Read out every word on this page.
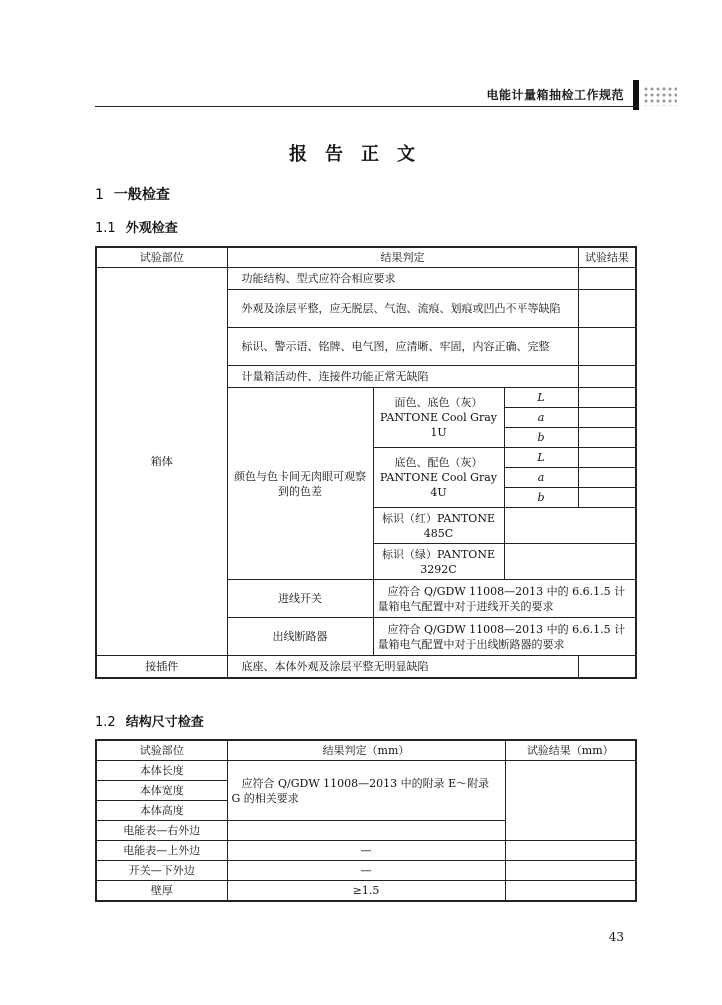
电能计量箱抽检工作规范
报告正文
1 一般检查
1.1 外观检查
试验部位	结果判定			试验结果	
箱体	功能结构、型式应符合相应要求				
	外观及涂层平整，应无脱层、气泡、流痕、划痕或凹凸不平等缺陷				
	标识、警示语、铭牌、电气图，应清晰、牢固，内容正确、完整				
	计量箱活动件、连接件功能正常无缺陷				
	颜色与色卡间无肉眼可观察到的色差	面色、底色（灰）PANTONE Cool Gray 1U	L		
			a		
			b		
		底色、配色（灰）PANTONE Cool Gray 4U	L		
			a		
			b		
		标识（红）PANTONE 485C			
		标识（绿）PANTONE 3292C			
	进线开关	应符合 Q/GDW 11008—2013 中的 6.6.1.5 计量箱电气配置中对于进线开关的要求			
	出线断路器	应符合 Q/GDW 11008—2013 中的 6.6.1.5 计量箱电气配置中对于出线断路器的要求			
接插件	底座、本体外观及涂层平整无明显缺陷				
1.2 结构尺寸检查
试验部位	结果判定（mm）	试验结果（mm）
本体长度	应符合 Q/GDW 11008—2013 中的附录 E～附录 G 的相关要求	
本体宽度		
本体高度		
电能表—右外边		
电能表—上外边	—	
开关—下外边	—	
壁厚	≥1.5	
43
